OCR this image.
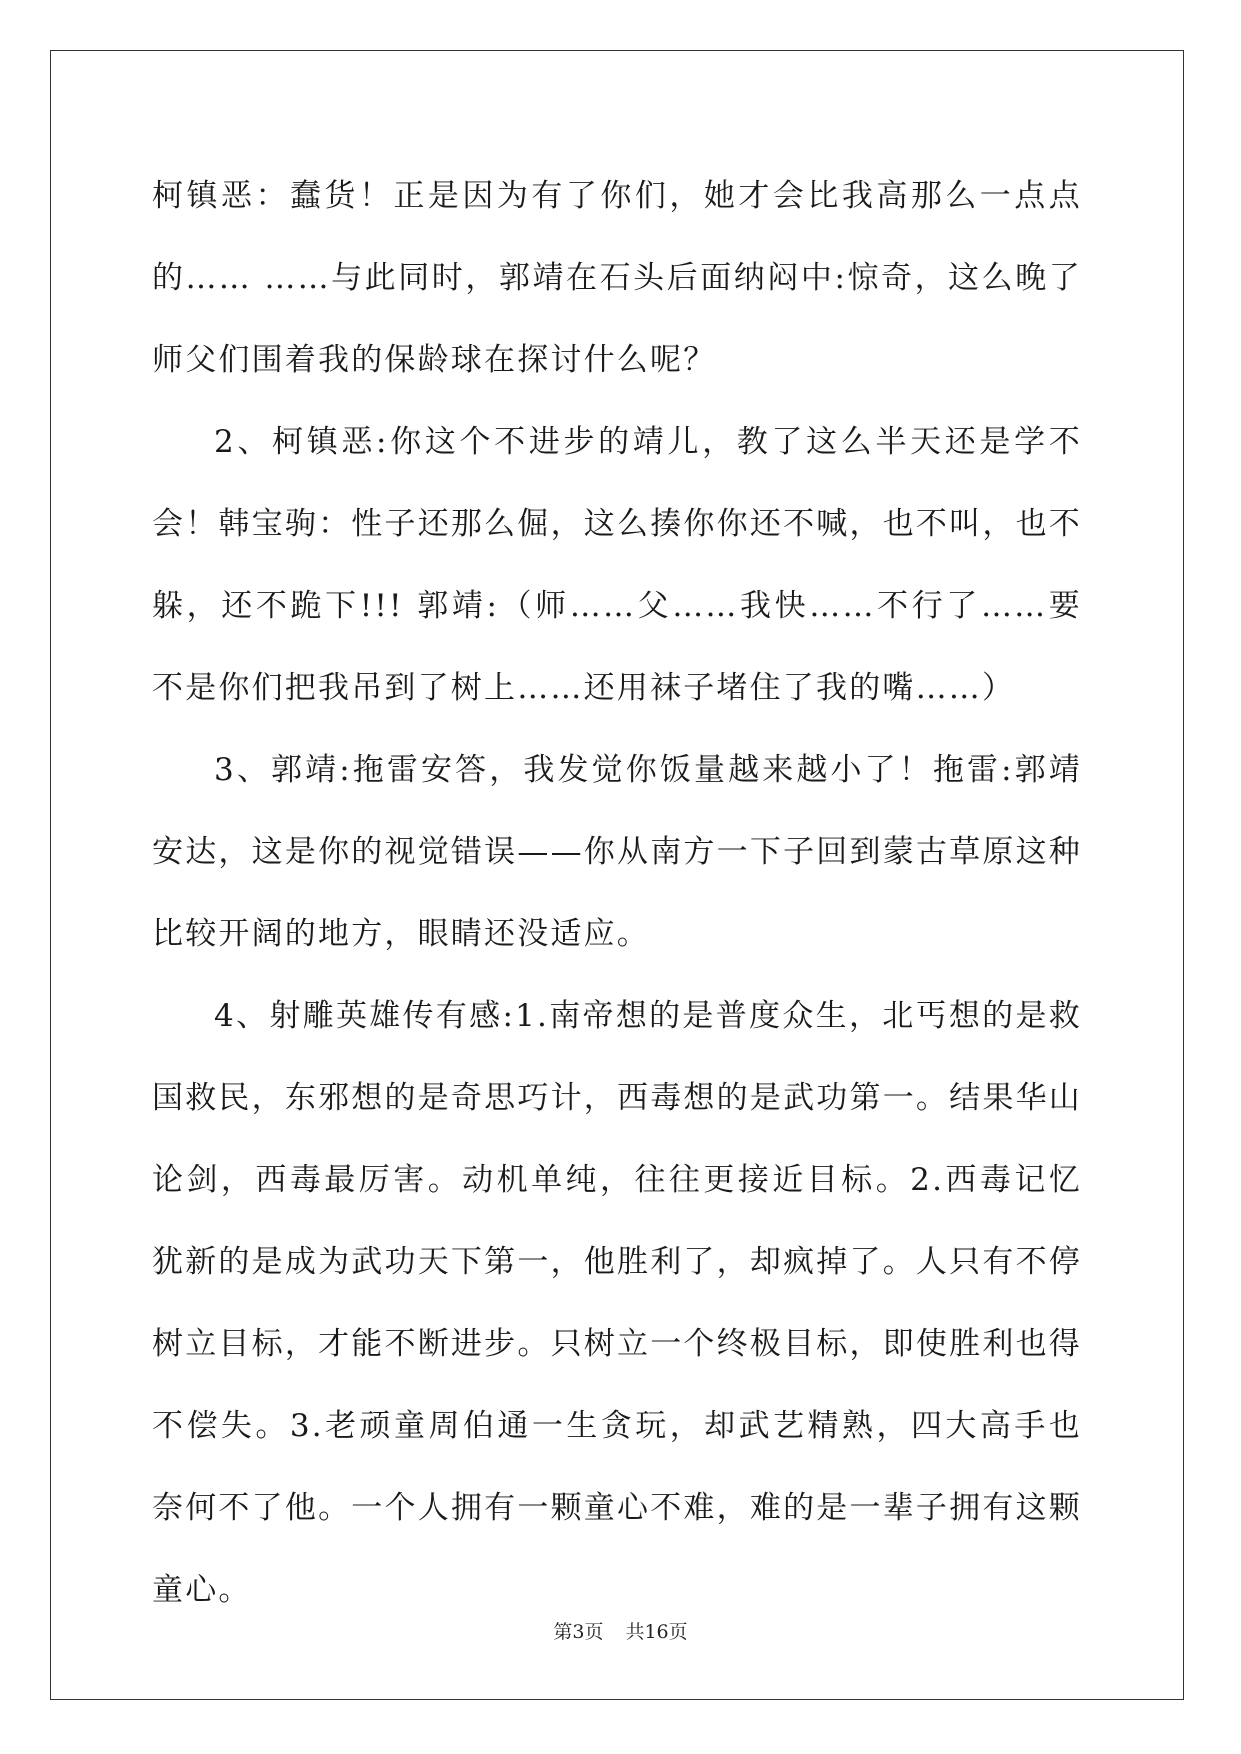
柯镇恶：蠢货！正是因为有了你们，她才会比我高那么一点点的…… ……与此同时，郭靖在石头后面纳闷中:惊奇，这么晚了师父们围着我的保龄球在探讨什么呢？

2、柯镇恶:你这个不进步的靖儿，教了这么半天还是学不会！韩宝驹：性子还那么倔，这么揍你你还不喊，也不叫，也不躲，还不跪下!!! 郭靖:（师……父……我快……不行了……要不是你们把我吊到了树上……还用袜子堵住了我的嘴……）

3、郭靖:拖雷安答，我发觉你饭量越来越小了！拖雷:郭靖安达，这是你的视觉错误——你从南方一下子回到蒙古草原这种比较开阔的地方，眼睛还没适应。

4、射雕英雄传有感:1.南帝想的是普度众生，北丐想的是救国救民，东邪想的是奇思巧计，西毒想的是武功第一。结果华山论剑，西毒最厉害。动机单纯，往往更接近目标。2.西毒记忆犹新的是成为武功天下第一，他胜利了，却疯掉了。人只有不停树立目标，才能不断进步。只树立一个终极目标，即使胜利也得不偿失。3.老顽童周伯通一生贪玩，却武艺精熟，四大高手也奈何不了他。一个人拥有一颗童心不难，难的是一辈子拥有这颗童心。

第3页 共16页
